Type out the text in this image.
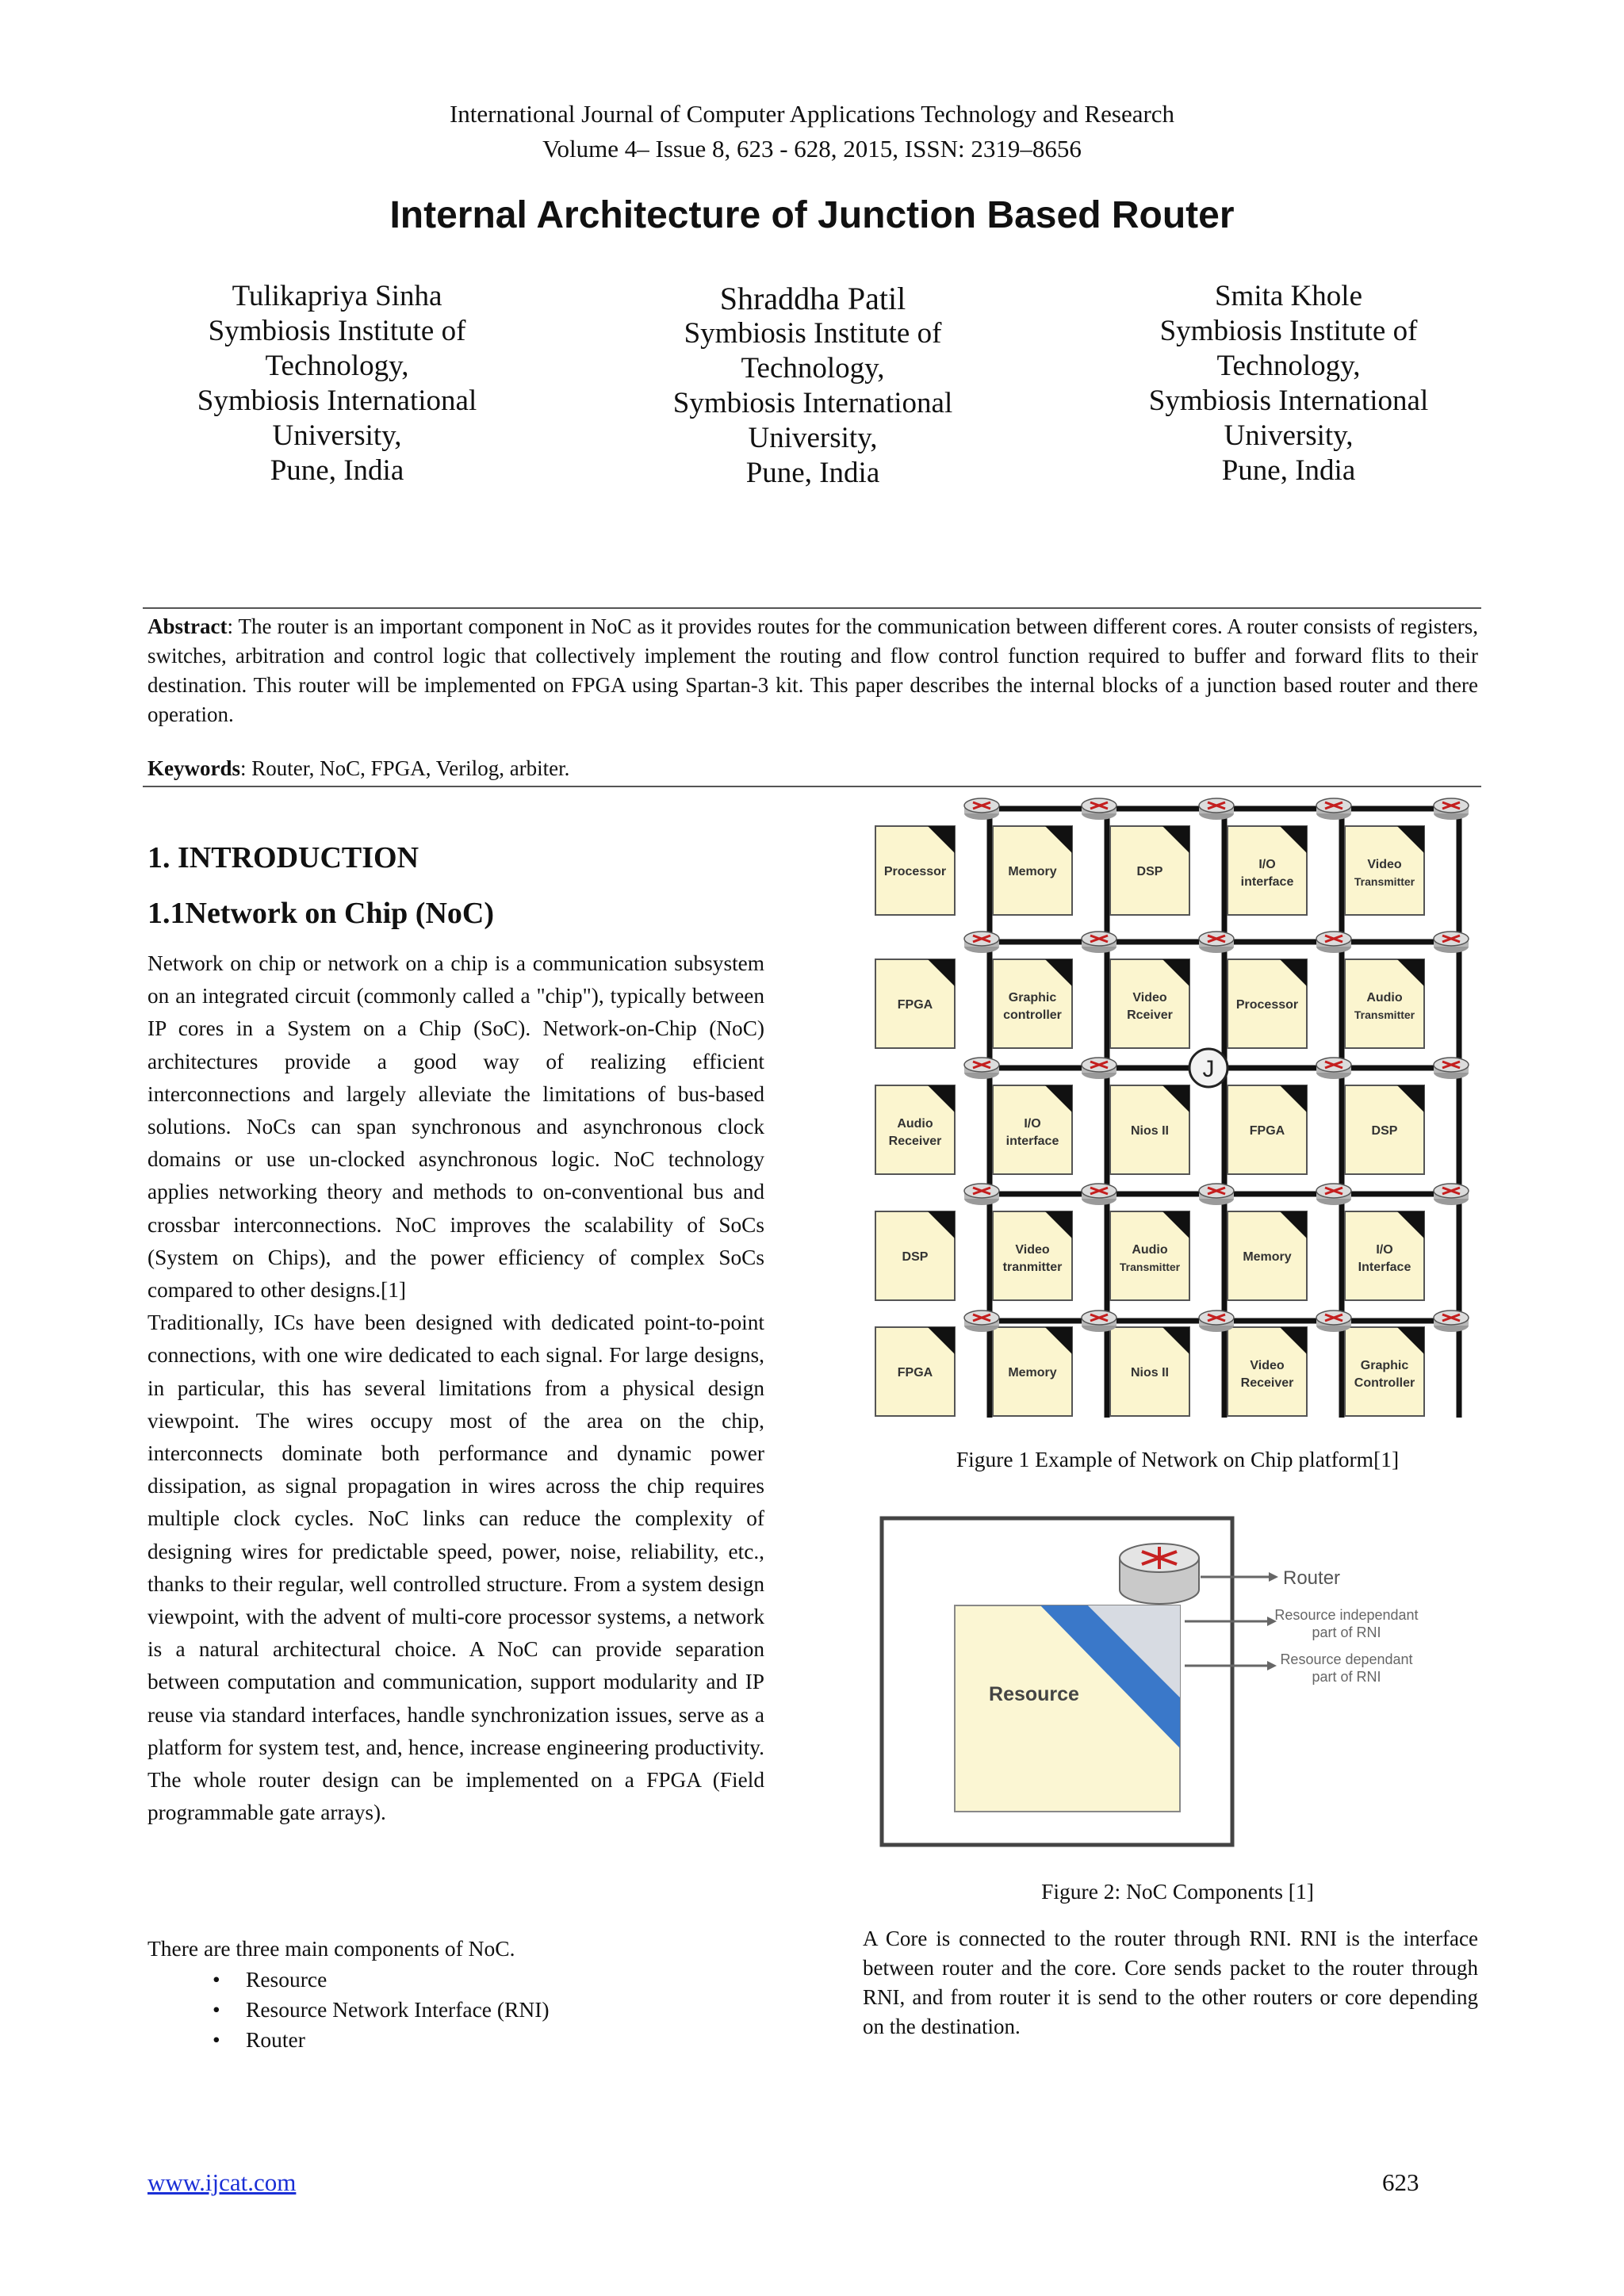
International Journal of Computer Applications Technology and Research
Volume 4– Issue 8, 623 - 628, 2015, ISSN: 2319–8656
Internal Architecture of Junction Based Router
Tulikapriya Sinha
Symbiosis Institute of
Technology,
Symbiosis International
University,
Pune, India
Shraddha Patil
Symbiosis Institute of
Technology,
Symbiosis International
University,
Pune, India
Smita Khole
Symbiosis Institute of
Technology,
Symbiosis International
University,
Pune, India
Abstract: The router is an important component in NoC as it provides routes for the communication between different cores. A router consists of registers, switches, arbitration and control logic that collectively implement the routing and flow control function required to buffer and forward flits to their destination. This router will be implemented on FPGA using Spartan-3 kit. This paper describes the internal blocks of a junction based router and there operation.
Keywords: Router, NoC, FPGA, Verilog, arbiter.
1. INTRODUCTION
1.1Network on Chip (NoC)

Network on chip or network on a chip is a communication subsystem on an integrated circuit (commonly called a "chip"), typically between IP cores in a System on a Chip (SoC). Network-on-Chip (NoC) architectures provide a good way of realizing efficient interconnections and largely alleviate the limitations of bus-based solutions. NoCs can span synchronous and asynchronous clock domains or use un-clocked asynchronous logic. NoC technology applies networking theory and methods to on-conventional bus and crossbar interconnections. NoC improves the scalability of SoCs (System on Chips), and the power efficiency of complex SoCs compared to other designs.[1]

Traditionally, ICs have been designed with dedicated point-to-point connections, with one wire dedicated to each signal. For large designs, in particular, this has several limitations from a physical design viewpoint. The wires occupy most of the area on the chip, interconnects dominate both performance and dynamic power dissipation, as signal propagation in wires across the chip requires multiple clock cycles. NoC links can reduce the complexity of designing wires for predictable speed, power, noise, reliability, etc., thanks to their regular, well controlled structure. From a system design viewpoint, with the advent of multi-core processor systems, a network is a natural architectural choice. A NoC can provide separation between computation and communication, support modularity and IP reuse via standard interfaces, handle synchronization issues, serve as a platform for system test, and, hence, increase engineering productivity. The whole router design can be implemented on a FPGA (Field programmable gate arrays).

There are three main components of NoC.
• Resource
• Resource Network Interface (RNI)
• Router
Processor	Memory	DSP
I/O
interface
Video
Transmitter
FPGA
Graphic
controller
Video
Rceiver
Processor
Audio
Transmitter
Audio
Receiver
I/O
interface
Nios II	FPGA	DSP
DSP
Video
tranmitter
Audio
Transmitter
Memory
I/O
Interface
FPGA	Memory	Nios II
Video
Receiver
Graphic
Controller
J
Figure 1 Example of Network on Chip platform[1]
Resource
Router
Resource independant
part of RNI
Resource dependant
part of RNI
Figure 2: NoC Components [1]
A Core is connected to the router through RNI. RNI is the interface between router and the core. Core sends packet to the router through RNI, and from router it is send to the other routers or core depending on the destination.
www.ijcat.com	623
